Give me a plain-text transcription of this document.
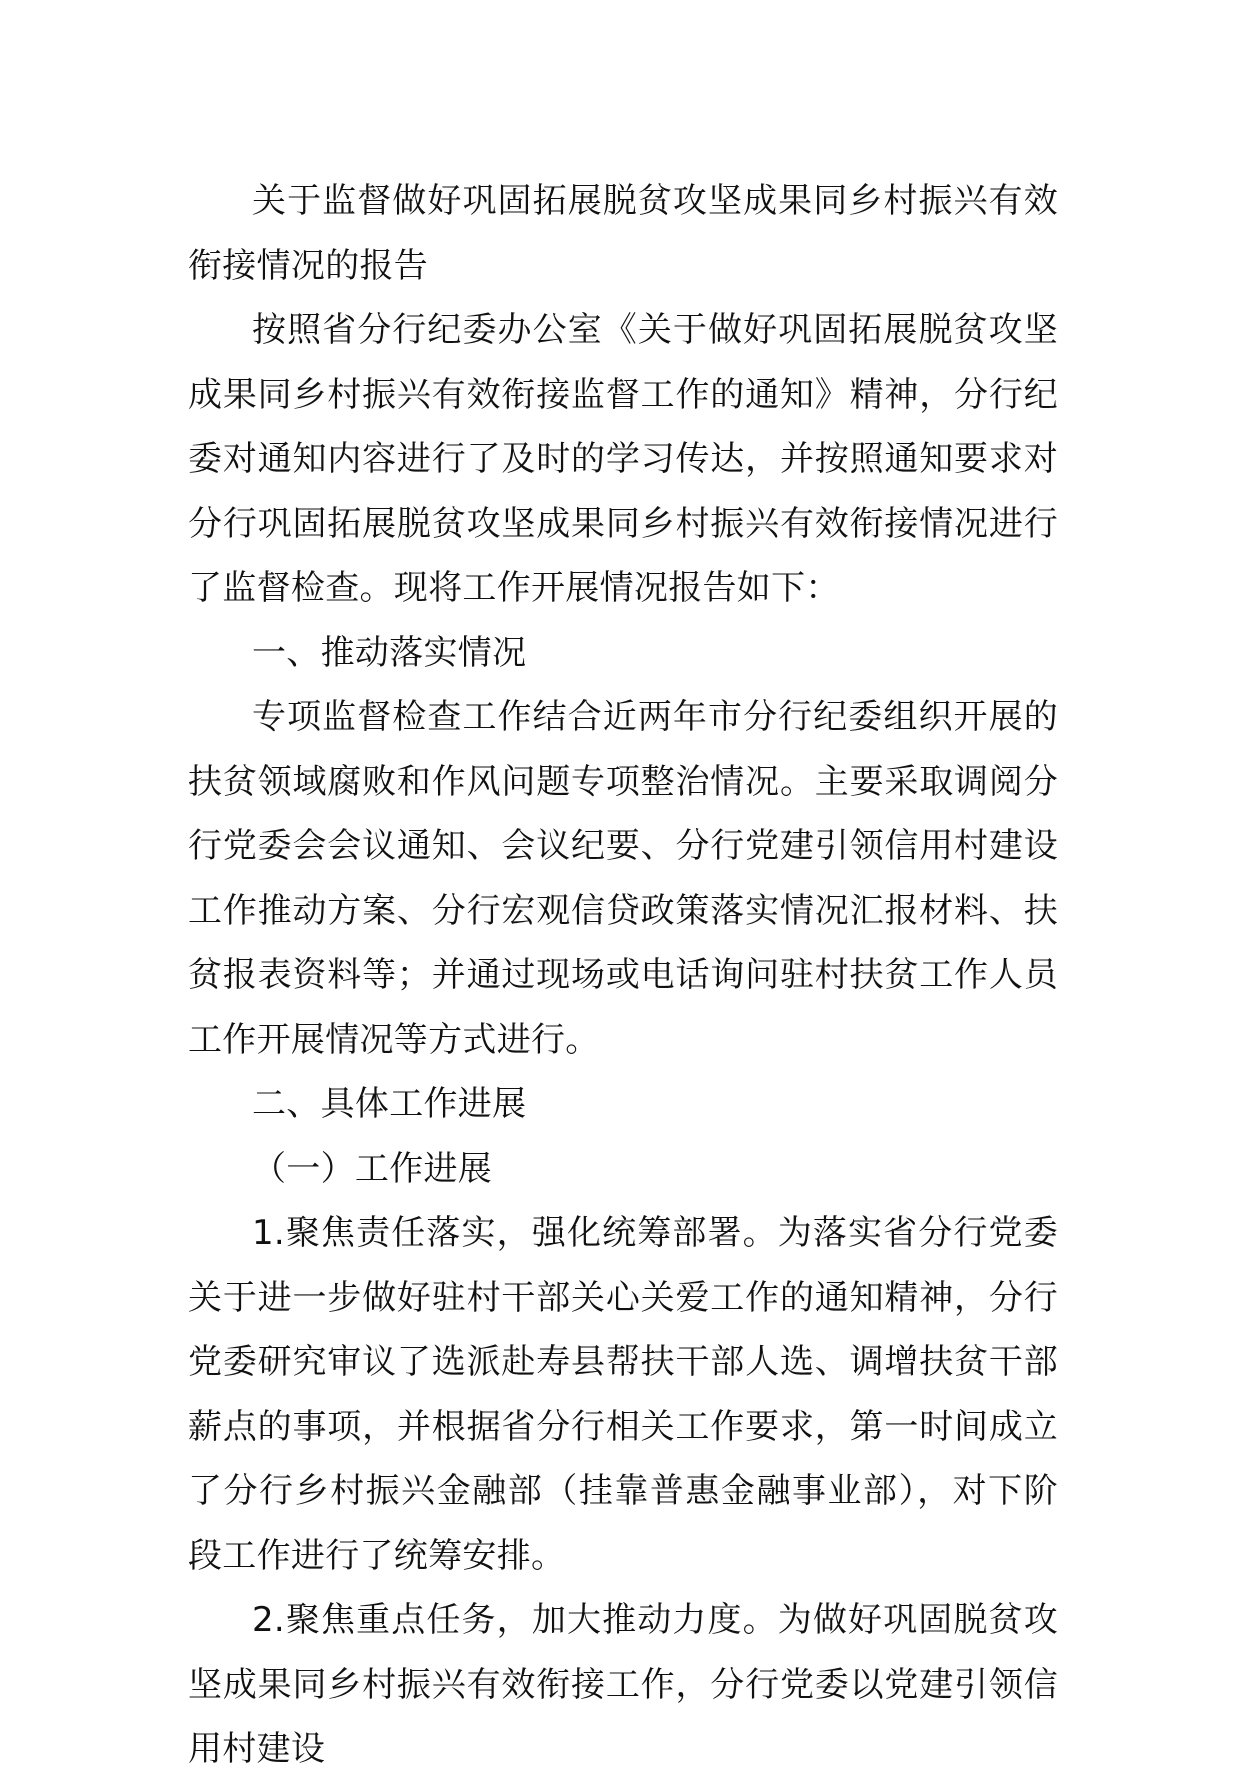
关于监督做好巩固拓展脱贫攻坚成果同乡村振兴有效衔接情况的报告

按照省分行纪委办公室《关于做好巩固拓展脱贫攻坚成果同乡村振兴有效衔接监督工作的通知》精神，分行纪委对通知内容进行了及时的学习传达，并按照通知要求对分行巩固拓展脱贫攻坚成果同乡村振兴有效衔接情况进行了监督检查。现将工作开展情况报告如下：

一、推动落实情况

专项监督检查工作结合近两年市分行纪委组织开展的扶贫领域腐败和作风问题专项整治情况。主要采取调阅分行党委会会议通知、会议纪要、分行党建引领信用村建设工作推动方案、分行宏观信贷政策落实情况汇报材料、扶贫报表资料等；并通过现场或电话询问驻村扶贫工作人员工作开展情况等方式进行。

二、具体工作进展

（一）工作进展

1.聚焦责任落实，强化统筹部署。为落实省分行党委关于进一步做好驻村干部关心关爱工作的通知精神，分行党委研究审议了选派赴寿县帮扶干部人选、调增扶贫干部薪点的事项，并根据省分行相关工作要求，第一时间成立了分行乡村振兴金融部（挂靠普惠金融事业部），对下阶段工作进行了统筹安排。

2.聚焦重点任务，加大推动力度。为做好巩固脱贫攻坚成果同乡村振兴有效衔接工作，分行党委以党建引领信用村建设
